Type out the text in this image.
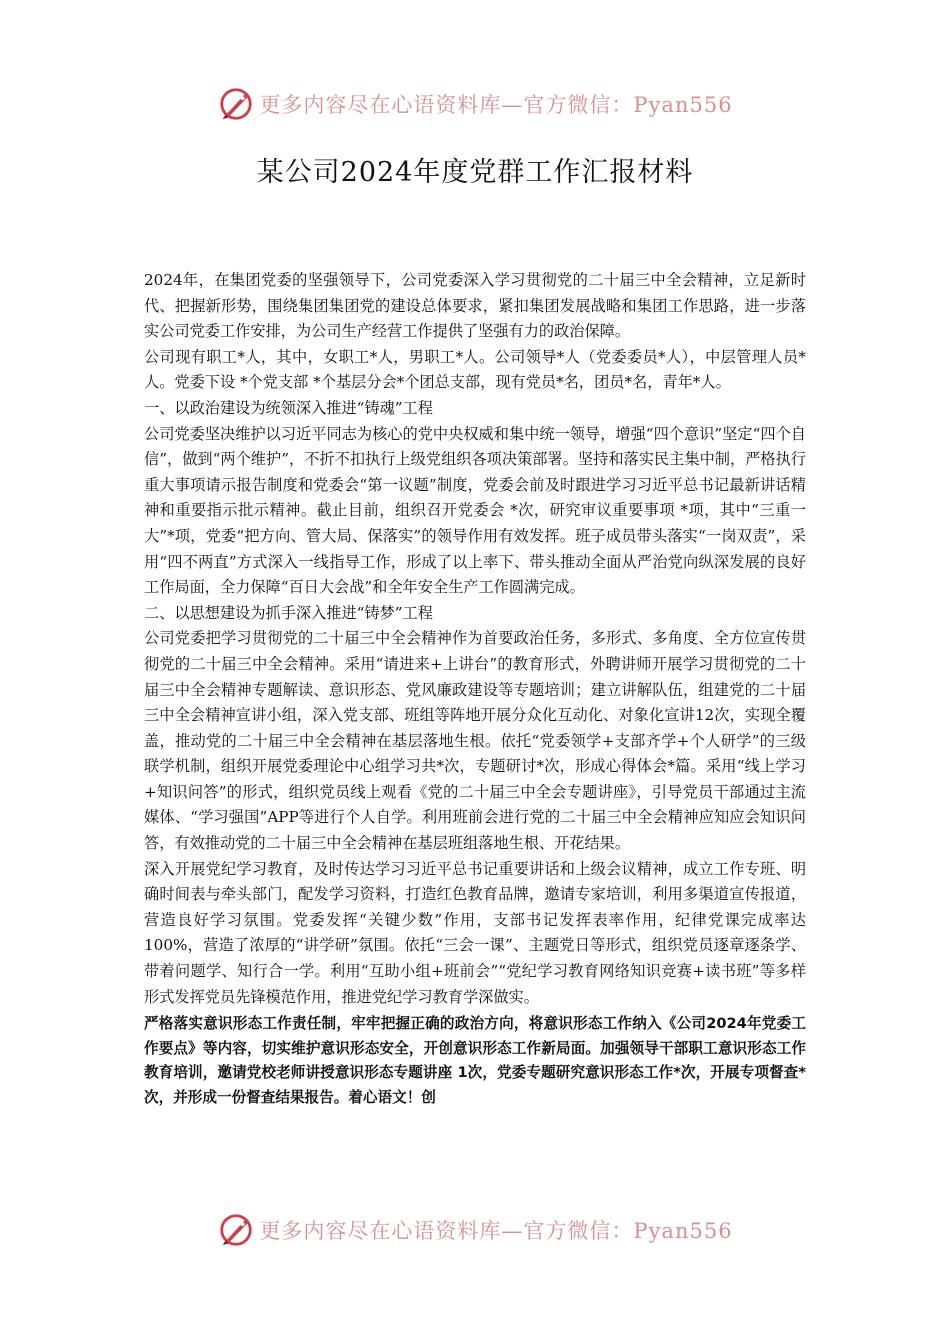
更多内容尽在心语资料库—官方微信：Pyan556
某公司2024年度党群工作汇报材料

2024年，在集团党委的坚强领导下，公司党委深入学习贯彻党的二十届三中全会精神，立足新时代、把握新形势，围绕集团集团党的建设总体要求，紧扣集团发展战略和集团工作思路，进一步落实公司党委工作安排，为公司生产经营工作提供了坚强有力的政治保障。

公司现有职工*人，其中，女职工*人，男职工*人。公司领导*人（党委委员*人），中层管理人员*人。党委下设 *个党支部 *个基层分会*个团总支部，现有党员*名，团员*名，青年*人。

一、以政治建设为统领深入推进“铸魂”工程

公司党委坚决维护以习近平同志为核心的党中央权威和集中统一领导，增强“四个意识”坚定“四个自信”，做到“两个维护”，不折不扣执行上级党组织各项决策部署。坚持和落实民主集中制，严格执行重大事项请示报告制度和党委会“第一议题”制度，党委会前及时跟进学习习近平总书记最新讲话精神和重要指示批示精神。截止目前，组织召开党委会 *次，研究审议重要事项 *项，其中“三重一大”*项，党委“把方向、管大局、保落实”的领导作用有效发挥。班子成员带头落实“一岗双责”，采用“四不两直”方式深入一线指导工作，形成了以上率下、带头推动全面从严治党向纵深发展的良好工作局面，全力保障“百日大会战”和全年安全生产工作圆满完成。

二、以思想建设为抓手深入推进“铸梦”工程

公司党委把学习贯彻党的二十届三中全会精神作为首要政治任务，多形式、多角度、全方位宣传贯彻党的二十届三中全会精神。采用“请进来+上讲台”的教育形式，外聘讲师开展学习贯彻党的二十届三中全会精神专题解读、意识形态、党风廉政建设等专题培训；建立讲解队伍，组建党的二十届三中全会精神宣讲小组，深入党支部、班组等阵地开展分众化互动化、对象化宣讲12次，实现全覆盖，推动党的二十届三中全会精神在基层落地生根。依托“党委领学+支部齐学+个人研学”的三级联学机制，组织开展党委理论中心组学习共*次，专题研讨*次，形成心得体会*篇。采用“线上学习+知识问答”的形式，组织党员线上观看《党的二十届三中全会专题讲座》，引导党员干部通过主流媒体、“学习强国”APP等进行个人自学。利用班前会进行党的二十届三中全会精神应知应会知识问答，有效推动党的二十届三中全会精神在基层班组落地生根、开花结果。

深入开展党纪学习教育，及时传达学习习近平总书记重要讲话和上级会议精神，成立工作专班、明确时间表与牵头部门，配发学习资料，打造红色教育品牌，邀请专家培训，利用多渠道宣传报道，营造良好学习氛围。党委发挥“关键少数”作用，支部书记发挥表率作用，纪律党课完成率达100%，营造了浓厚的“讲学研”氛围。依托“三会一课”、主题党日等形式，组织党员逐章逐条学、带着问题学、知行合一学。利用“互助小组+班前会”“党纪学习教育网络知识竞赛+读书班”等多样形式发挥党员先锋模范作用，推进党纪学习教育学深做实。

严格落实意识形态工作责任制，牢牢把握正确的政治方向，将意识形态工作纳入《公司2024年党委工作要点》等内容，切实维护意识形态安全，开创意识形态工作新局面。加强领导干部职工意识形态工作教育培训，邀请党校老师讲授意识形态专题讲座 1次，党委专题研究意识形态工作*次，开展专项督查*次，并形成一份督查结果报告。着心语文！创

更多内容尽在心语资料库—官方微信：Pyan556
